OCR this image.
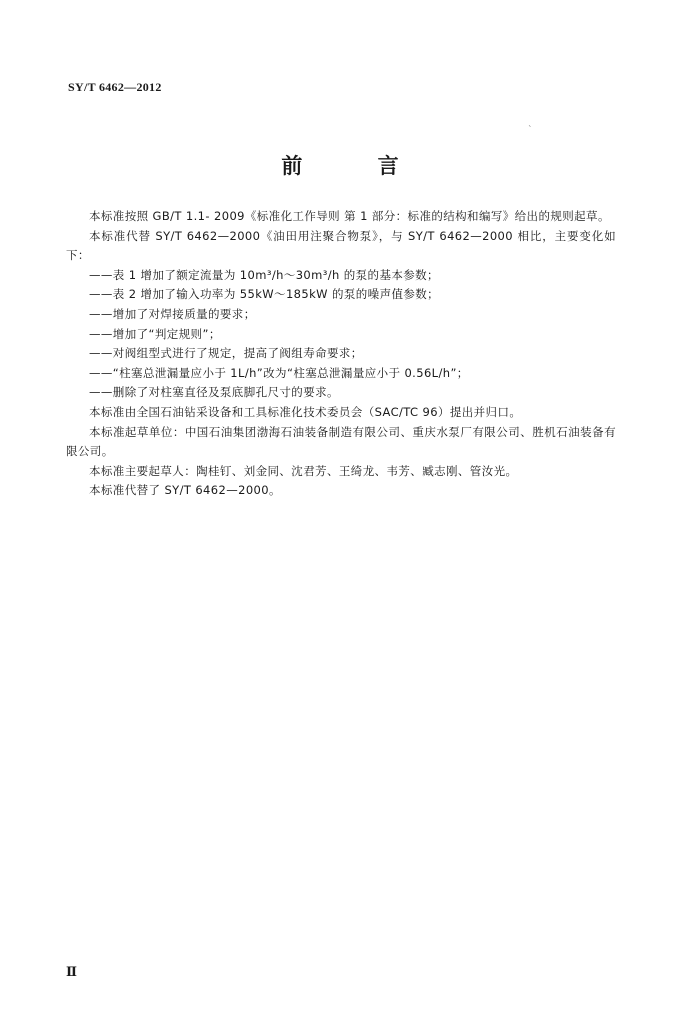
SY/T 6462—2012
`
前 言

本标准按照 GB/T 1.1- 2009《标准化工作导则 第 1 部分：标准的结构和编写》给出的规则起草。

本标准代替 SY/T 6462—2000《油田用注聚合物泵》，与 SY/T 6462—2000 相比，主要变化如下：

——表 1 增加了额定流量为 10m³/h～30m³/h 的泵的基本参数；

——表 2 增加了输入功率为 55kW～185kW 的泵的噪声值参数；

——增加了对焊接质量的要求；

——增加了“判定规则”；

——对阀组型式进行了规定，提高了阀组寿命要求；

——“柱塞总泄漏量应小于 1L/h”改为“柱塞总泄漏量应小于 0.56L/h”；

——删除了对柱塞直径及泵底脚孔尺寸的要求。

本标准由全国石油钻采设备和工具标准化技术委员会（SAC/TC 96）提出并归口。

本标准起草单位：中国石油集团渤海石油装备制造有限公司、重庆水泵厂有限公司、胜机石油装备有限公司。

本标准主要起草人：陶桂钉、刘金同、沈君芳、王绮龙、韦芳、臧志刚、管汝光。

本标准代替了 SY/T 6462—2000。

Ⅱ
